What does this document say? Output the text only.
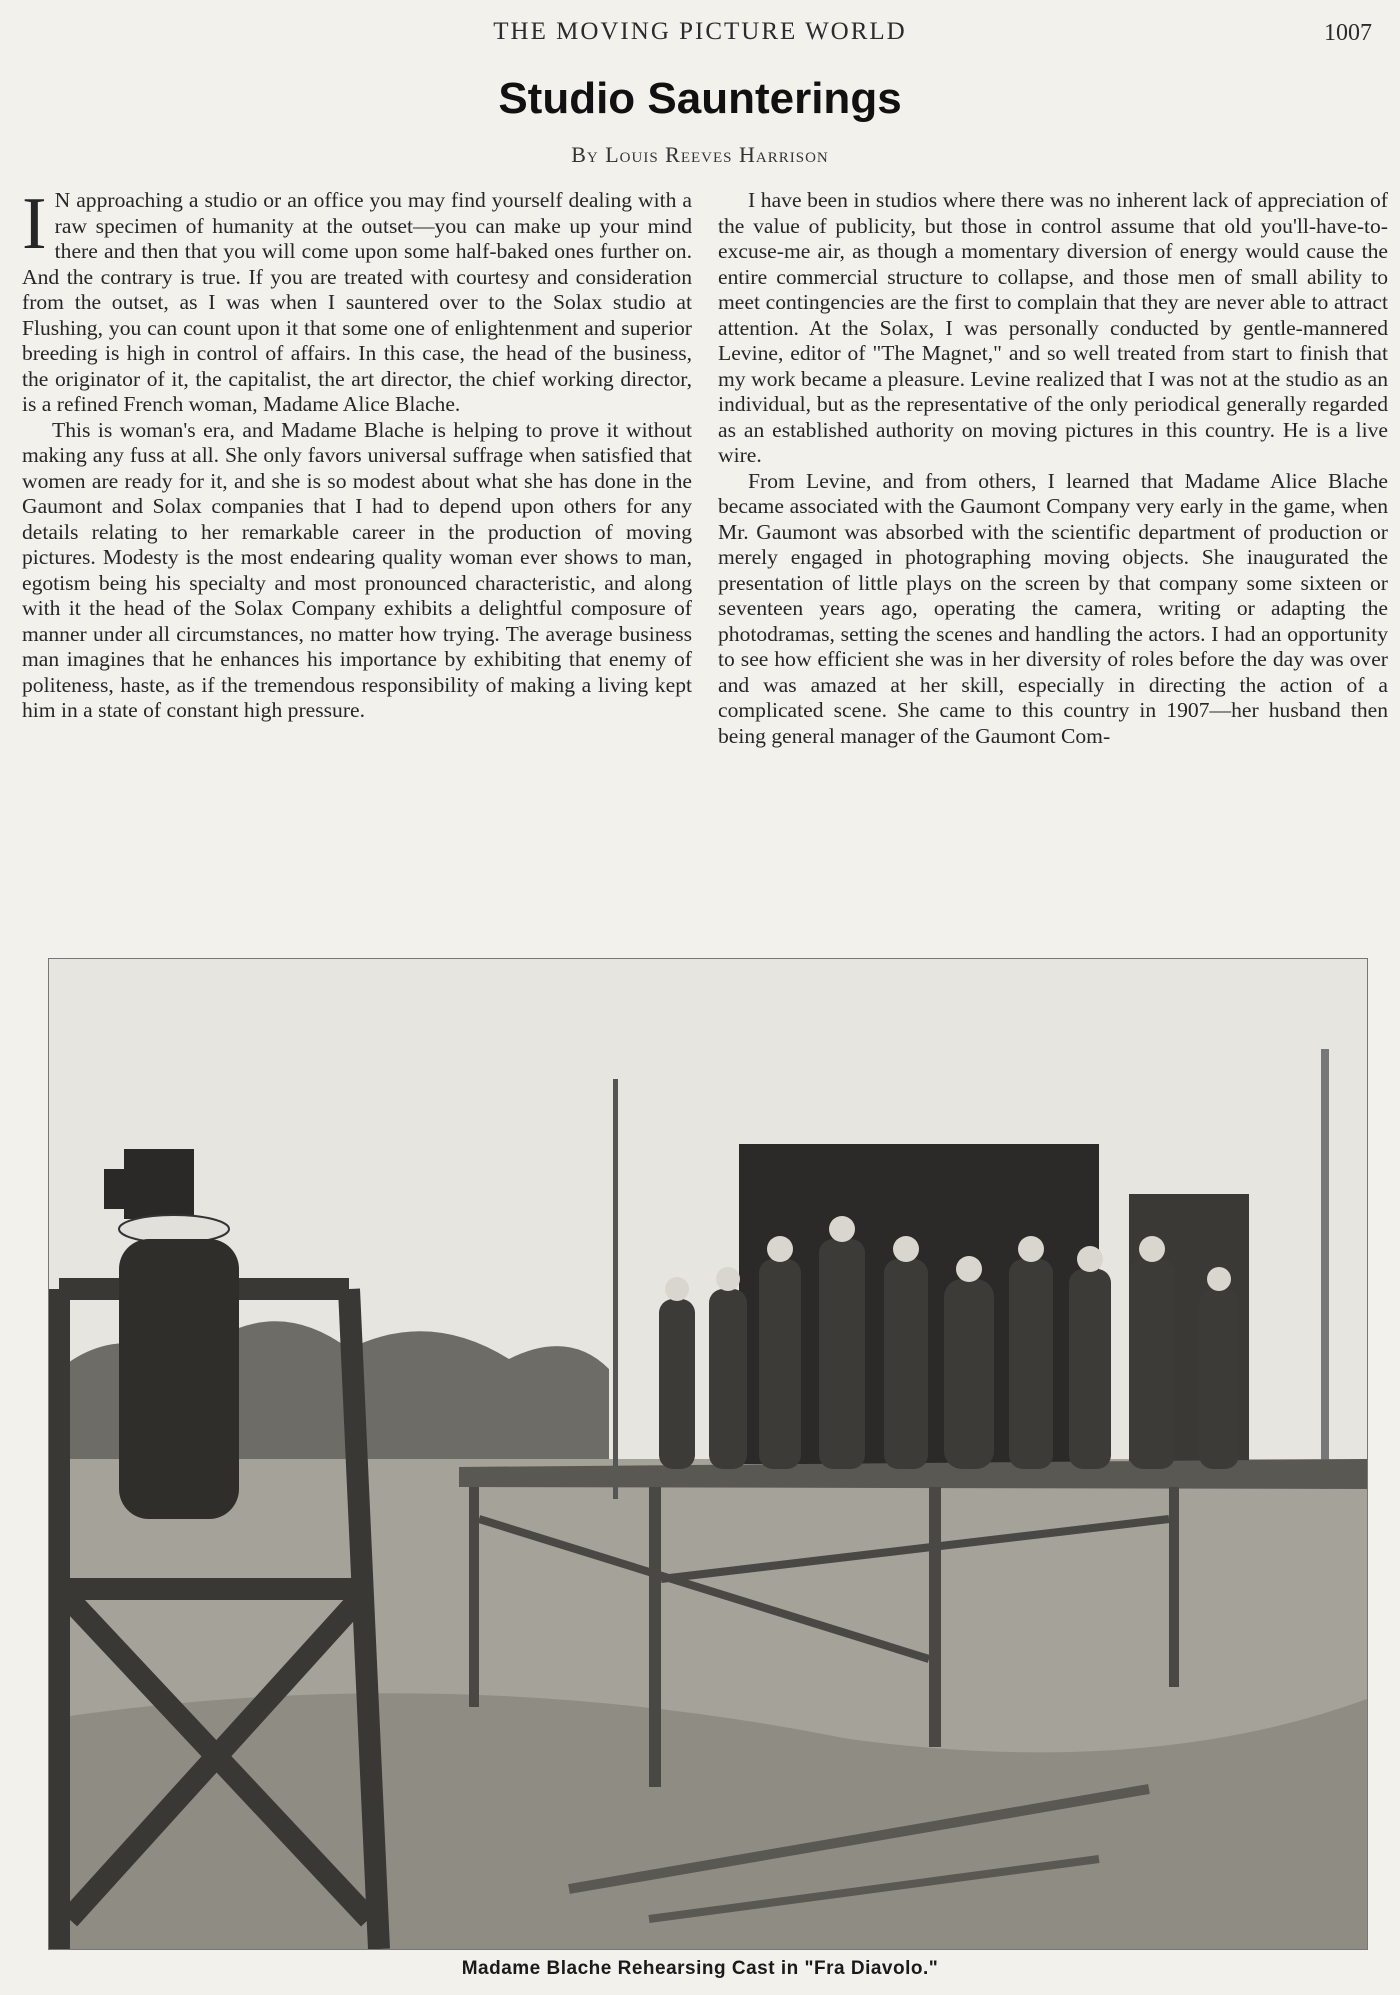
THE MOVING PICTURE WORLD	1007
Studio Saunterings
By Louis Reeves Harrison

I N approaching a studio or an office you may find yourself dealing with a raw specimen of humanity at the outset—you can make up your mind there and then that you will come upon some half-baked ones further on. And the contrary is true. If you are treated with courtesy and consideration from the outset, as I was when I sauntered over to the Solax studio at Flushing, you can count upon it that some one of enlightenment and superior breeding is high in control of affairs. In this case, the head of the business, the originator of it, the capitalist, the art director, the chief working director, is a refined French woman, Madame Alice Blache.

This is woman's era, and Madame Blache is helping to prove it without making any fuss at all. She only favors universal suffrage when satisfied that women are ready for it, and she is so modest about what she has done in the Gaumont and Solax companies that I had to depend upon others for any details relating to her remarkable career in the production of moving pictures. Modesty is the most endearing quality woman ever shows to man, egotism being his specialty and most pronounced characteristic, and along with it the head of the Solax Company exhibits a delightful composure of manner under all circumstances, no matter how trying. The average business man imagines that he enhances his importance by exhibiting that enemy of politeness, haste, as if the tremendous responsibility of making a living kept him in a state of constant high pressure.

I have been in studios where there was no inherent lack of appreciation of the value of publicity, but those in control assume that old you'll-have-to-excuse-me air, as though a momentary diversion of energy would cause the entire commercial structure to collapse, and those men of small ability to meet contingencies are the first to complain that they are never able to attract attention. At the Solax, I was personally conducted by gentle-mannered Levine, editor of "The Magnet," and so well treated from start to finish that my work became a pleasure. Levine realized that I was not at the studio as an individual, but as the representative of the only periodical generally regarded as an established authority on moving pictures in this country. He is a live wire.

From Levine, and from others, I learned that Madame Alice Blache became associated with the Gaumont Company very early in the game, when Mr. Gaumont was absorbed with the scientific department of production or merely engaged in photographing moving objects. She inaugurated the presentation of little plays on the screen by that company some sixteen or seventeen years ago, operating the camera, writing or adapting the photodramas, setting the scenes and handling the actors. I had an opportunity to see how efficient she was in her diversity of roles before the day was over and was amazed at her skill, especially in directing the action of a complicated scene. She came to this country in 1907—her husband then being general manager of the Gaumont Com-

Madame Blache Rehearsing Cast in "Fra Diavolo."
